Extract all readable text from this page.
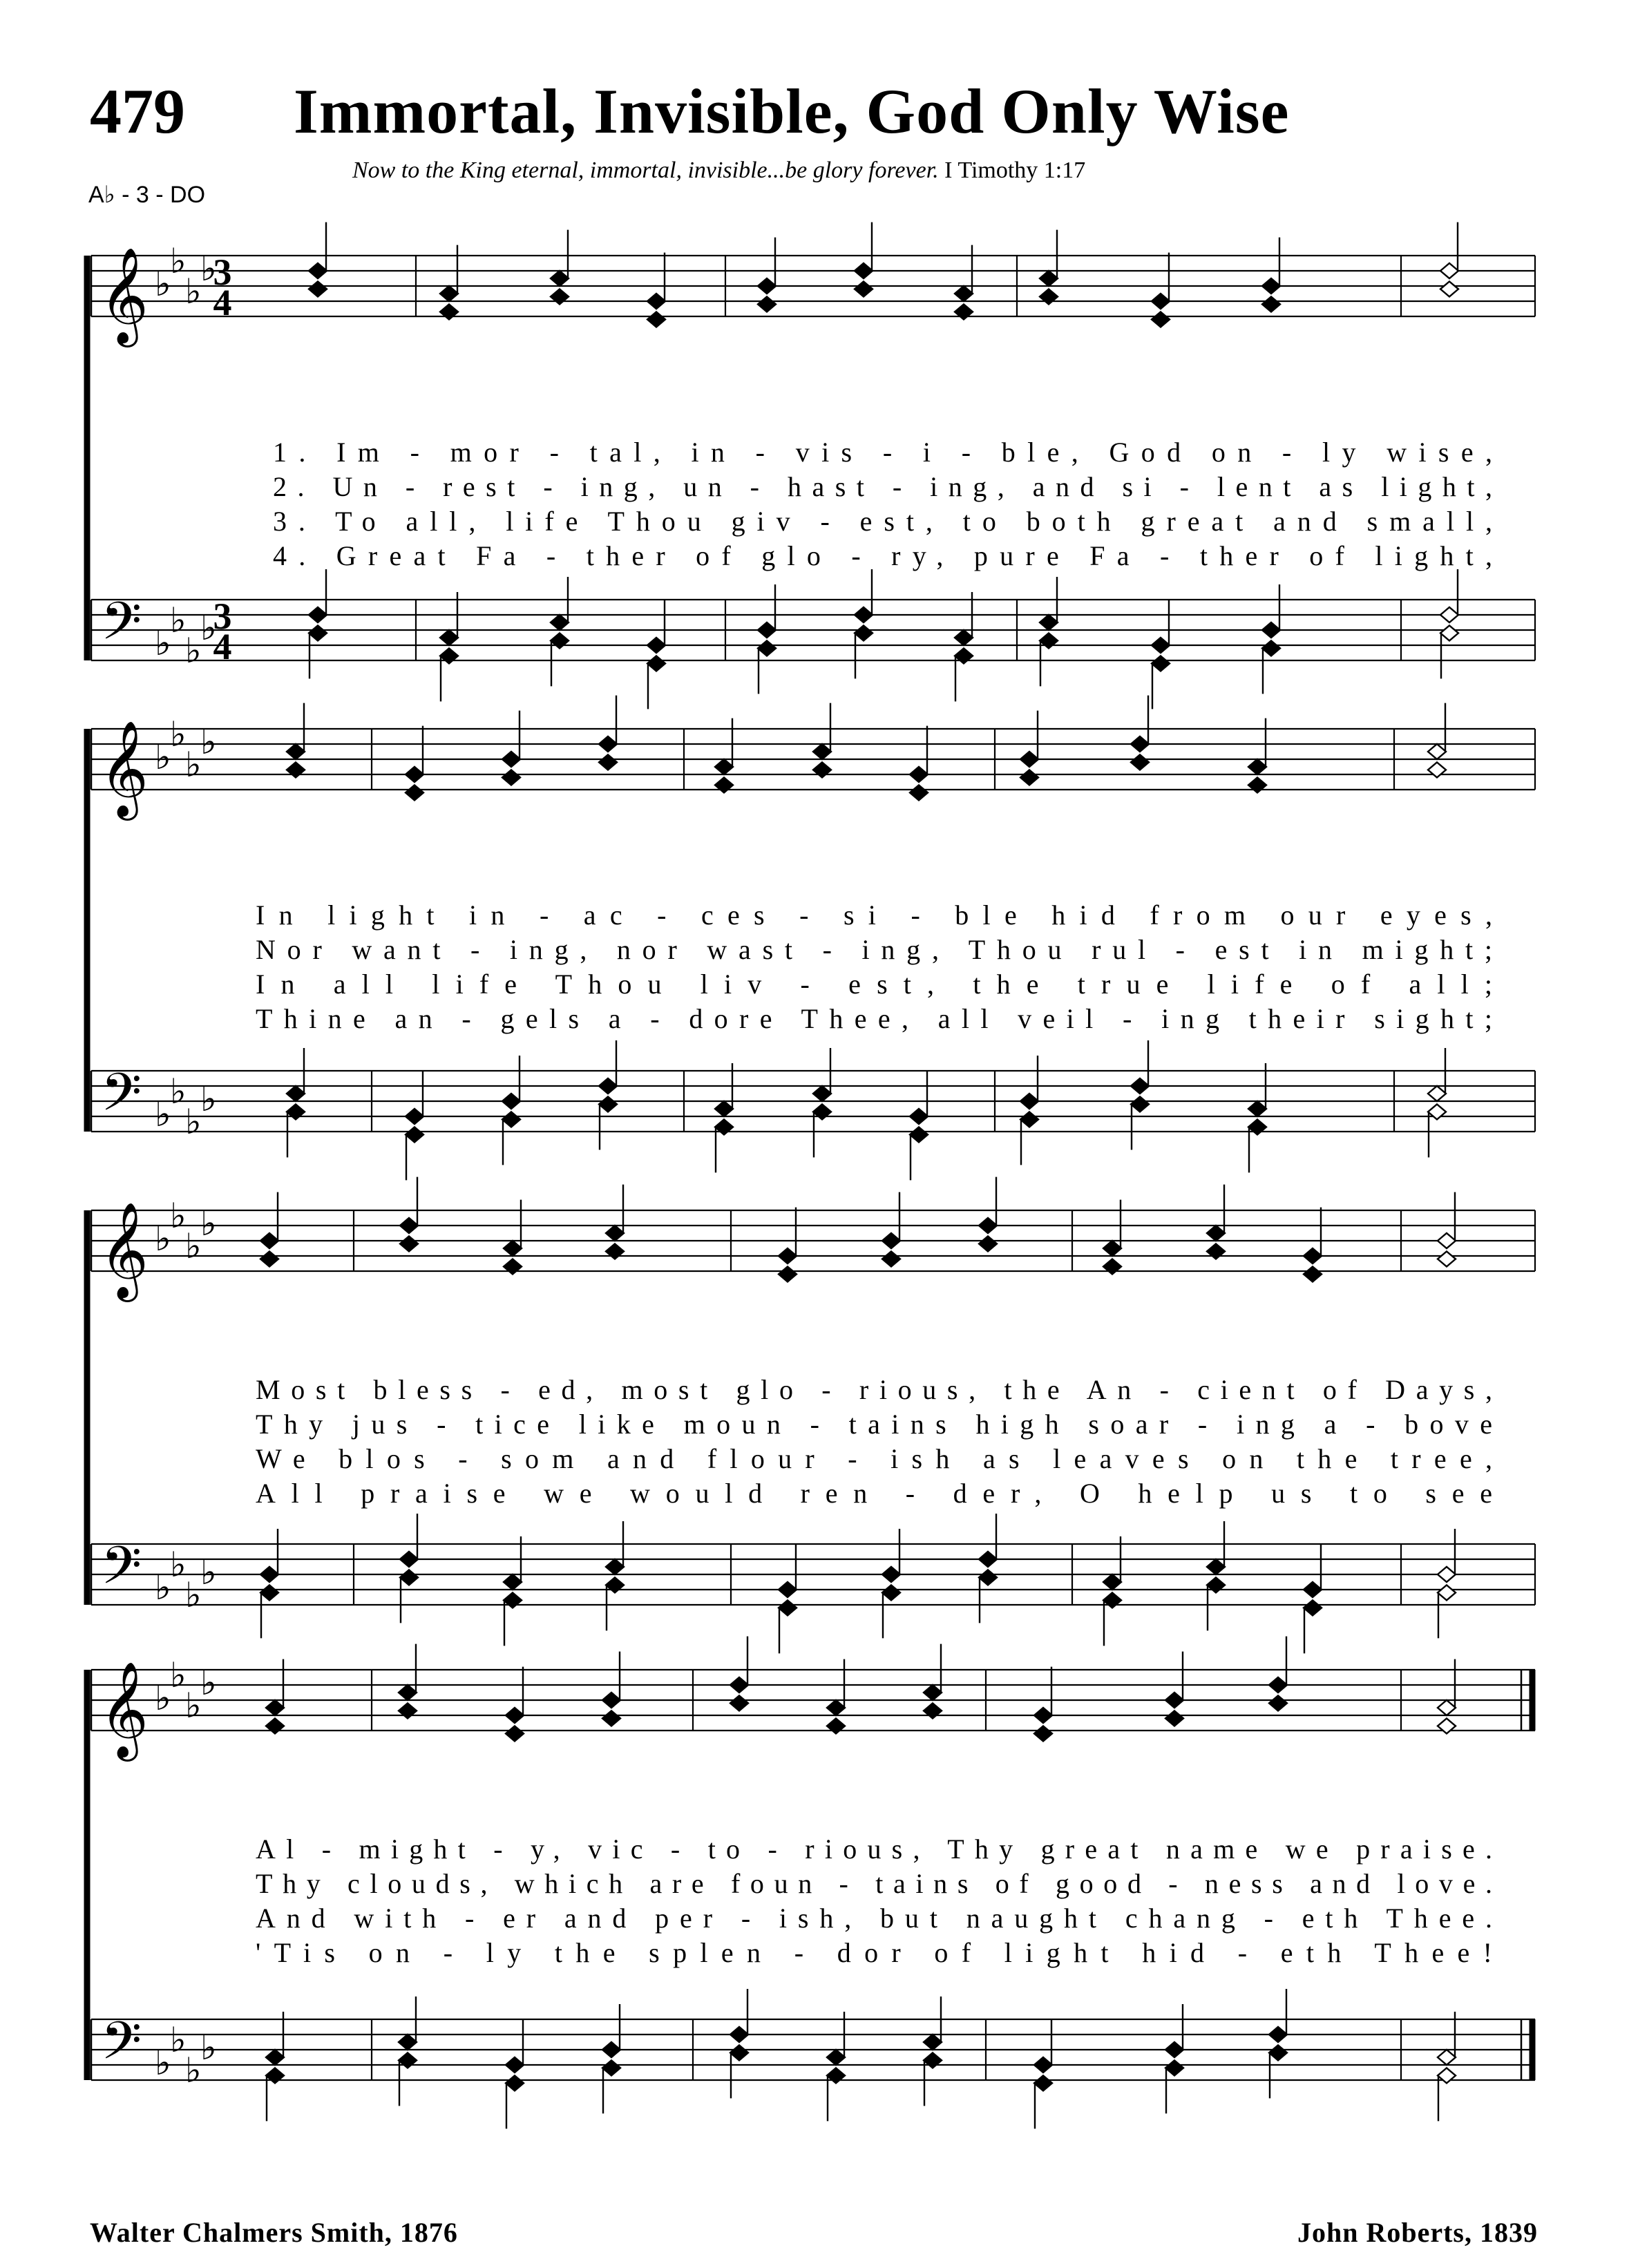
479 Immortal, Invisible, God Only Wise
Now to the King eternal, immortal, invisible...be glory forever. I Timothy 1:17
A♭ - 3 - DO
𝄞 ♭
♭
♭
♭
3
4
𝄢 ♭
♭
♭
♭
3
4
1. Im - mor - tal, in - vis - i - ble, God on - ly wise,
2. Un - rest - ing, un - hast - ing, and si - lent as light,
3. To all, life Thou giv - est, to both great and small,
4. Great Fa - ther of glo - ry, pure Fa - ther of light,
𝄞 ♭
♭
♭
♭
𝄢 ♭
♭
♭
♭
In light in - ac - ces - si - ble hid from our eyes,
Nor want - ing, nor wast - ing, Thou rul - est in might;
In all life Thou liv - est, the true life of all;
Thine an - gels a - dore Thee, all veil - ing their sight;
𝄞 ♭
♭
♭
♭
𝄢 ♭
♭
♭
♭
Most bless - ed, most glo - rious, the An - cient of Days,
Thy jus - tice like moun - tains high soar - ing a - bove
We blos - som and flour - ish as leaves on the tree,
All praise we would ren - der, O help us to see
𝄞 ♭
♭
♭
♭
𝄢 ♭
♭
♭
♭
Al - might - y, vic - to - rious, Thy great name we praise.
Thy clouds, which are foun - tains of good - ness and love.
And with - er and per - ish, but naught chang - eth Thee.
'Tis on - ly the splen - dor of light hid - eth Thee!
Walter Chalmers Smith, 1876	John Roberts, 1839
